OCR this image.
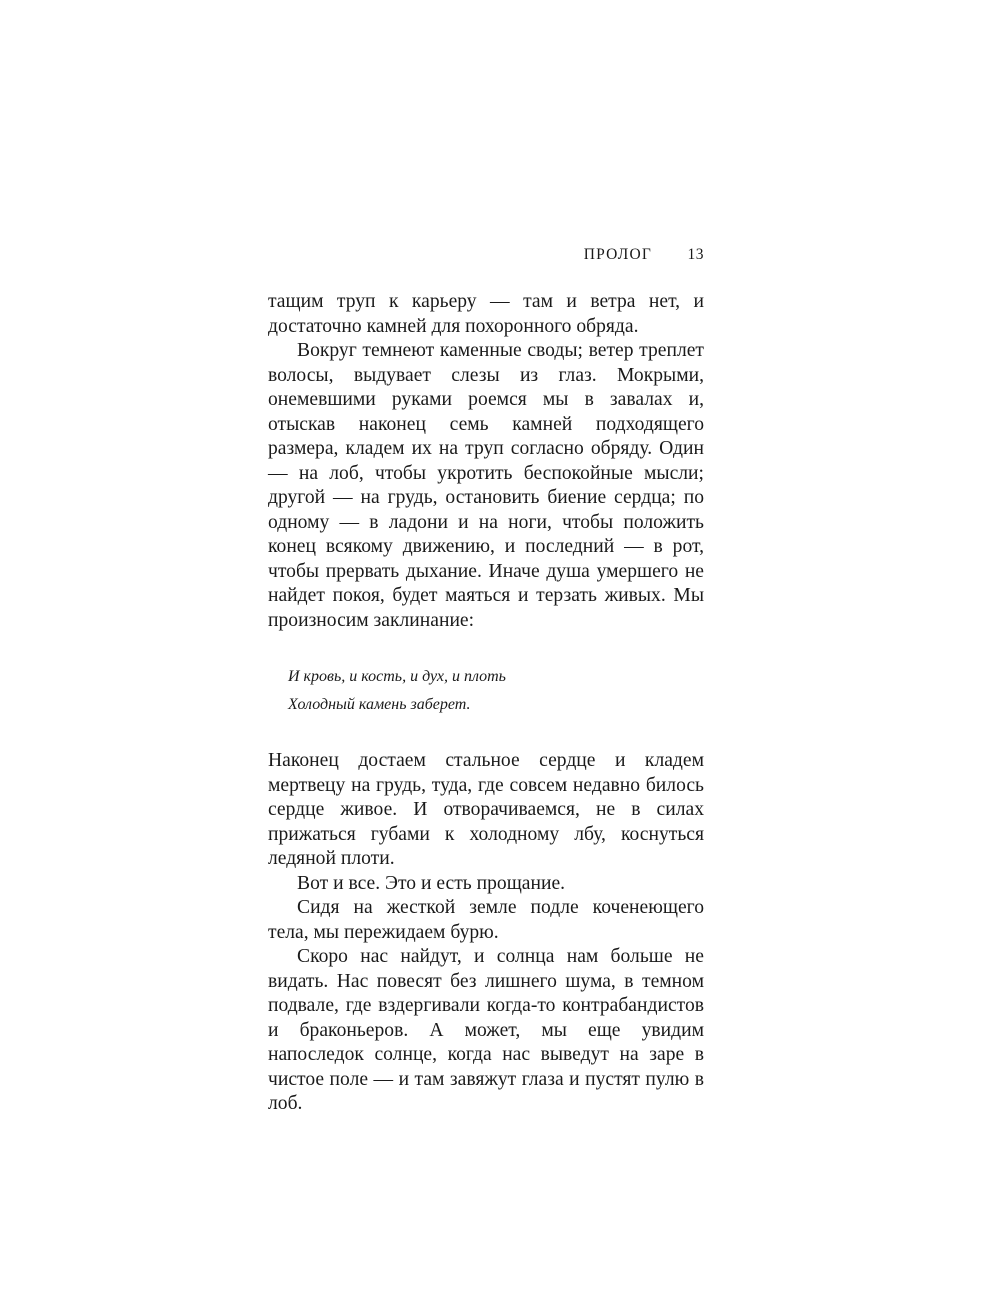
ПРОЛОГ 13

тащим труп к карьеру — там и ветра нет, и достаточно камней для похоронного обряда.

Вокруг темнеют каменные своды; ветер треплет волосы, выдувает слезы из глаз. Мокрыми, онемевшими руками роемся мы в завалах и, отыскав наконец семь камней подходящего размера, кладем их на труп согласно обряду. Один — на лоб, чтобы укротить беспокойные мысли; другой — на грудь, остановить биение сердца; по одному — в ладони и на ноги, чтобы положить конец всякому движению, и последний — в рот, чтобы прервать дыхание. Иначе душа умершего не найдет покоя, будет маяться и терзать живых. Мы произносим заклинание:

И кровь, и кость, и дух, и плоть
Холодный камень заберет.

Наконец достаем стальное сердце и кладем мертвецу на грудь, туда, где совсем недавно билось сердце живое. И отворачиваемся, не в силах прижаться губами к холодному лбу, коснуться ледяной плоти.

Вот и все. Это и есть прощание.

Сидя на жесткой земле подле коченеющего тела, мы пережидаем бурю.

Скоро нас найдут, и солнца нам больше не видать. Нас повесят без лишнего шума, в темном подвале, где вздергивали когда-то контрабандистов и браконьеров. А может, мы еще увидим напоследок солнце, когда нас выведут на заре в чистое поле — и там завяжут глаза и пустят пулю в лоб.
